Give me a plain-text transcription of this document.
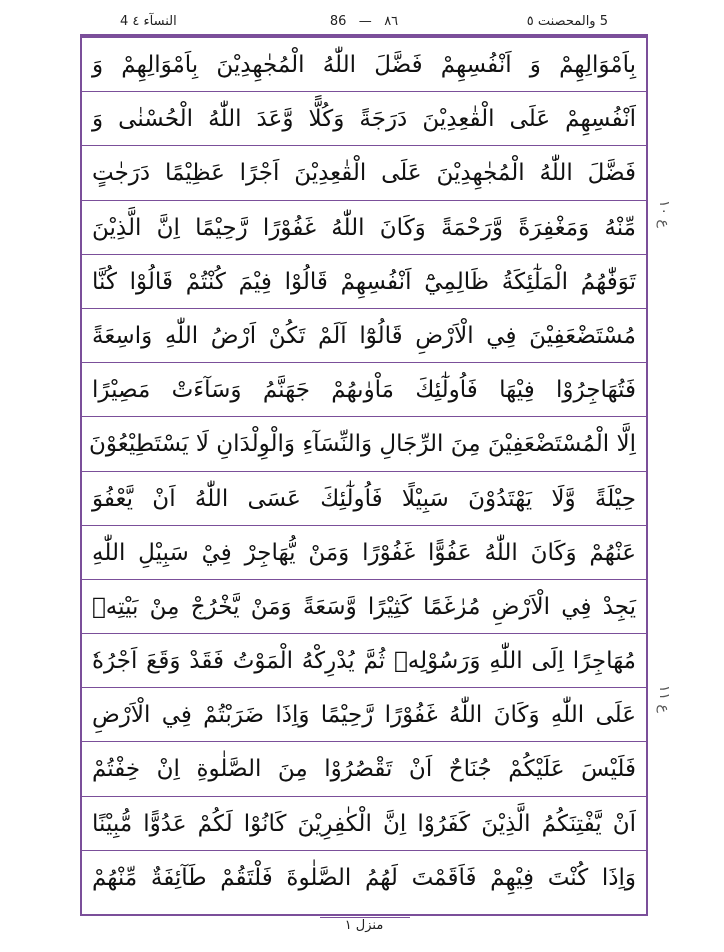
4 النسآء ٤	86   —   ٨٦	5 والمحصنت ٥
بِاَمْوَالِهِمْ وَ اَنْفُسِهِمْ فَضَّلَ اللّٰهُ الْمُجٰهِدِيْنَ بِاَمْوَالِهِمْ وَ
اَنْفُسِهِمْ عَلَى الْقٰعِدِيْنَ دَرَجَةً وَكُلًّا وَّعَدَ اللّٰهُ الْحُسْنٰى وَ
فَضَّلَ اللّٰهُ الْمُجٰهِدِيْنَ عَلَى الْقٰعِدِيْنَ اَجْرًا عَظِيْمًا دَرَجٰتٍ
مِّنْهُ وَمَغْفِرَةً وَّرَحْمَةً وَكَانَ اللّٰهُ غَفُوْرًا رَّحِيْمًا اِنَّ الَّذِيْنَ
تَوَفّٰهُمُ الْمَلٰٓئِكَةُ ظَالِمِيْٓ اَنْفُسِهِمْ قَالُوْا فِيْمَ كُنْتُمْ قَالُوْا كُنَّا
مُسْتَضْعَفِيْنَ فِي الْاَرْضِ قَالُوْٓا اَلَمْ تَكُنْ اَرْضُ اللّٰهِ وَاسِعَةً
فَتُهَاجِرُوْا فِيْهَا فَاُولٰٓئِكَ مَاْوٰىهُمْ جَهَنَّمُ وَسَآءَتْ مَصِيْرًا
اِلَّا الْمُسْتَضْعَفِيْنَ مِنَ الرِّجَالِ وَالنِّسَآءِ وَالْوِلْدَانِ لَا يَسْتَطِيْعُوْنَ
حِيْلَةً وَّلَا يَهْتَدُوْنَ سَبِيْلًا فَاُولٰٓئِكَ عَسَى اللّٰهُ اَنْ يَّعْفُوَ
عَنْهُمْ وَكَانَ اللّٰهُ عَفُوًّا غَفُوْرًا وَمَنْ يُّهَاجِرْ فِيْ سَبِيْلِ اللّٰهِ
يَجِدْ فِي الْاَرْضِ مُرٰغَمًا كَثِيْرًا وَّسَعَةً وَمَنْ يَّخْرُجْ مِنْ بَيْتِهٖ
مُهَاجِرًا اِلَى اللّٰهِ وَرَسُوْلِهٖ ثُمَّ يُدْرِكْهُ الْمَوْتُ فَقَدْ وَقَعَ اَجْرُهٗ
عَلَى اللّٰهِ وَكَانَ اللّٰهُ غَفُوْرًا رَّحِيْمًا وَاِذَا ضَرَبْتُمْ فِي الْاَرْضِ
فَلَيْسَ عَلَيْكُمْ جُنَاحٌ اَنْ تَقْصُرُوْا مِنَ الصَّلٰوةِ اِنْ خِفْتُمْ
اَنْ يَّفْتِنَكُمُ الَّذِيْنَ كَفَرُوْا اِنَّ الْكٰفِرِيْنَ كَانُوْا لَكُمْ عَدُوًّا مُّبِيْنًا
وَاِذَا كُنْتَ فِيْهِمْ فَاَقَمْتَ لَهُمُ الصَّلٰوةَ فَلْتَقُمْ طَآئِفَةٌ مِّنْهُمْ
ع ١٠
ع ١١
منزل ١
